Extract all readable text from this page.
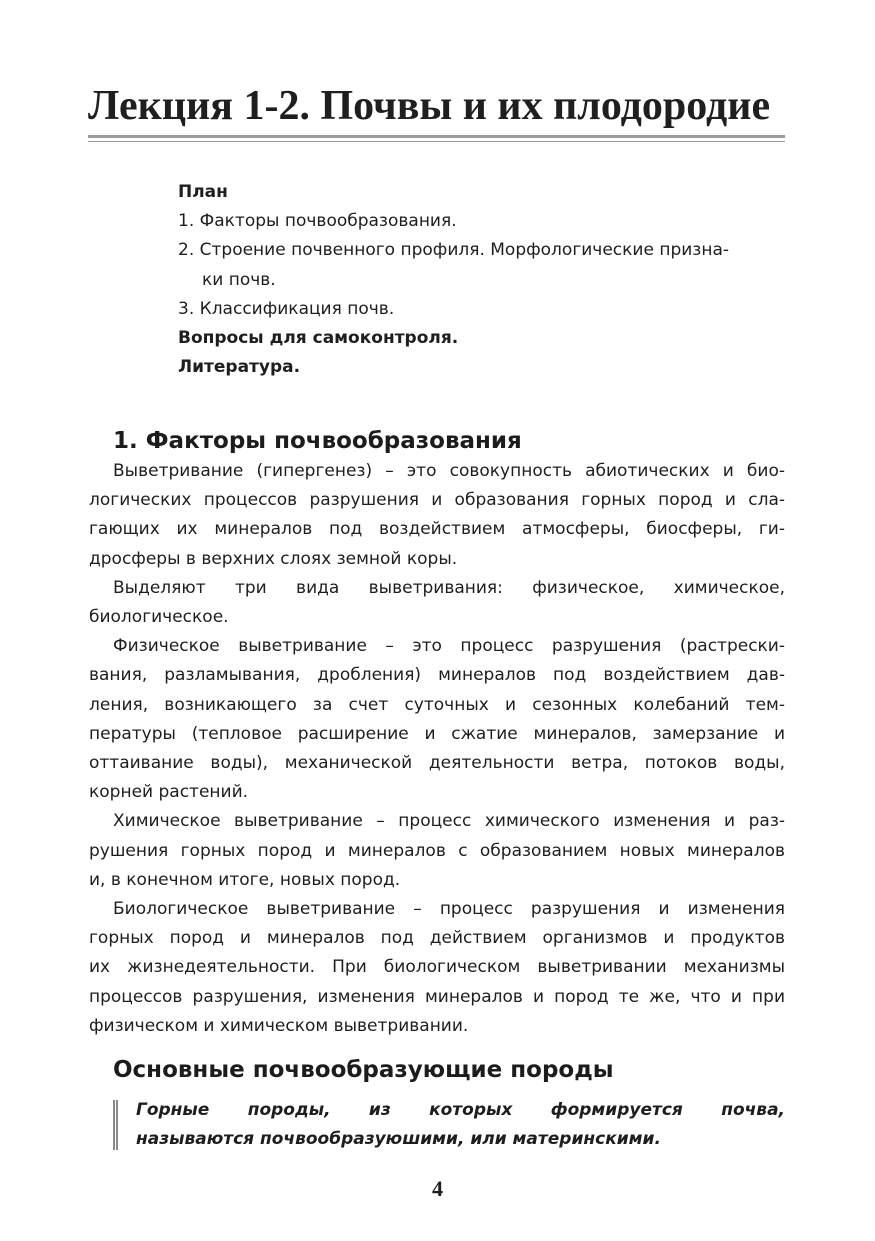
Лекция 1-2. Почвы и их плодородие
План
1. Факторы почвообразования.
2. Строение почвенного профиля. Морфологические призна-
ки почв.
3. Классификация почв.
Вопросы для самоконтроля.
Литература.
1. Факторы почвообразования
Выветривание (гипергенез) – это совокупность абиотических и био-
логических процессов разрушения и образования горных пород и сла-
гающих их минералов под воздействием атмосферы, биосферы, ги-
дросферы в верхних слоях земной коры.
Выделяют три вида выветривания: физическое, химическое,
биологическое.
Физическое выветривание – это процесс разрушения (растрески-
вания, разламывания, дробления) минералов под воздействием дав-
ления, возникающего за счет суточных и сезонных колебаний тем-
пературы (тепловое расширение и сжатие минералов, замерзание и
оттаивание воды), механической деятельности ветра, потоков воды,
корней растений.
Химическое выветривание – процесс химического изменения и раз-
рушения горных пород и минералов с образованием новых минералов
и, в конечном итоге, новых пород.
Биологическое выветривание – процесс разрушения и изменения
горных пород и минералов под действием организмов и продуктов
их жизнедеятельности. При биологическом выветривании механизмы
процессов разрушения, изменения минералов и пород те же, что и при
физическом и химическом выветривании.
Основные почвообразующие породы
Горные породы, из которых формируется почва,
называются почвообразуюшими, или материнскими.
4
